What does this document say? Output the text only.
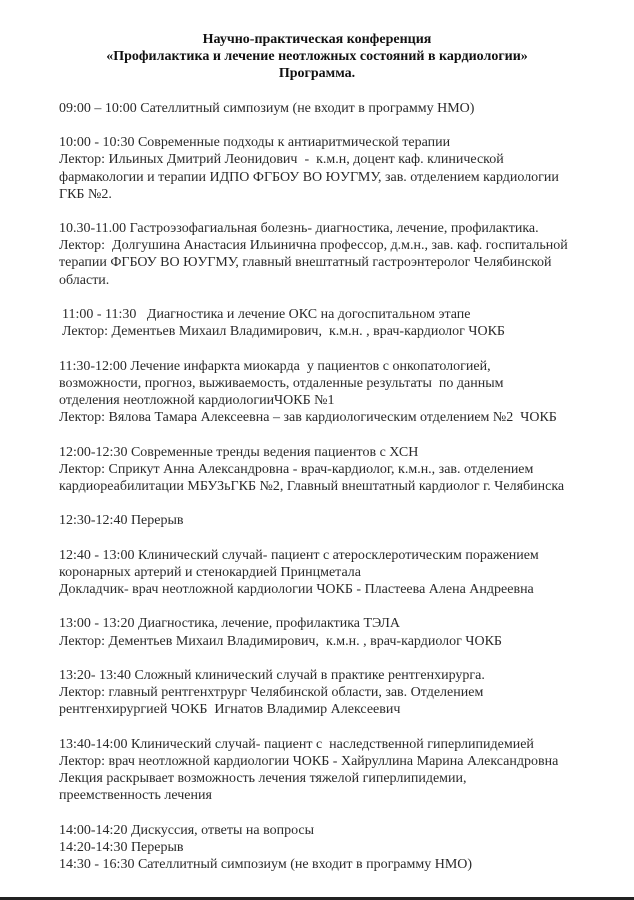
Научно-практическая конференция
«Профилактика и лечение неотложных состояний в кардиологии»
Программа.
09:00 – 10:00 Сателлитный симпозиум (не входит в программу НМО)
10:00 - 10:30 Современные подходы к антиаритмической терапии
Лектор: Ильиных Дмитрий Леонидович  -  к.м.н, доцент каф. клинической
фармакологии и терапии ИДПО ФГБОУ ВО ЮУГМУ, зав. отделением кардиологии
ГКБ №2.
10.30-11.00 Гастроэзофагиальная болезнь- диагностика, лечение, профилактика.
Лектор:  Долгушина Анастасия Ильинична профессор, д.м.н., зав. каф. госпитальной
терапии ФГБОУ ВО ЮУГМУ, главный внештатный гастроэнтеролог Челябинской
области.
11:00 - 11:30   Диагностика и лечение ОКС на догоспитальном этапе
Лектор: Дементьев Михаил Владимирович,  к.м.н. , врач-кардиолог ЧОКБ
11:30-12:00 Лечение инфаркта миокарда  у пациентов с онкопатологией,
возможности, прогноз, выживаемость, отдаленные результаты  по данным
отделения неотложной кардиологииЧОКБ №1
Лектор: Вялова Тамара Алексеевна – зав кардиологическим отделением №2  ЧОКБ
12:00-12:30 Современные тренды ведения пациентов с ХСН
Лектор: Сприкут Анна Александровна - врач-кардиолог, к.м.н., зав. отделением
кардиореабилитации МБУЗьГКБ №2, Главный внештатный кардиолог г. Челябинска
12:30-12:40 Перерыв
12:40 - 13:00 Клинический случай- пациент с атеросклеротическим поражением
коронарных артерий и стенокардией Принцметала
Докладчик- врач неотложной кардиологии ЧОКБ - Пластеева Алена Андреевна
13:00 - 13:20 Диагностика, лечение, профилактика ТЭЛА
Лектор: Дементьев Михаил Владимирович,  к.м.н. , врач-кардиолог ЧОКБ
13:20- 13:40 Сложный клинический случай в практике рентгенхирурга.
Лектор: главный рентгенхтрург Челябинской области, зав. Отделением
рентгенхирургией ЧОКБ  Игнатов Владимир Алексеевич
13:40-14:00 Клинический случай- пациент с  наследственной гиперлипидемией
Лектор: врач неотложной кардиологии ЧОКБ - Хайруллина Марина Александровна
Лекция раскрывает возможность лечения тяжелой гиперлипидемии,
преемственность лечения
14:00-14:20 Дискуссия, ответы на вопросы
14:20-14:30 Перерыв
14:30 - 16:30 Сателлитный симпозиум (не входит в программу НМО)
